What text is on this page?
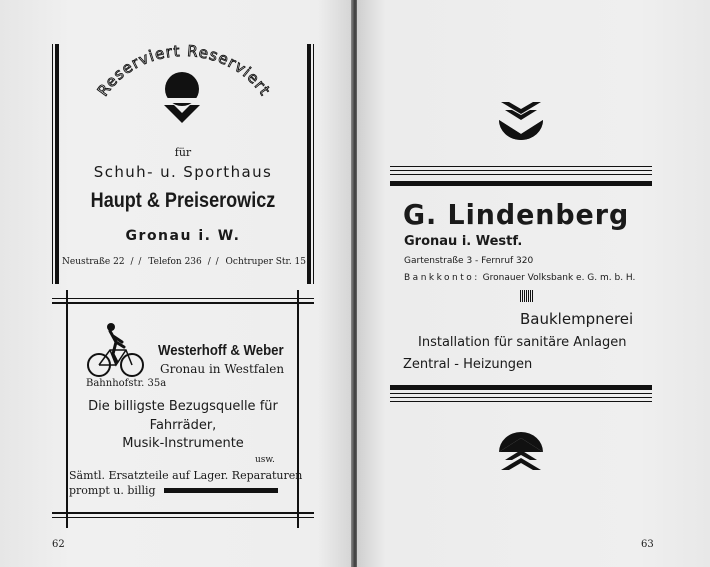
Reserviert Reserviert
für
Schuh- u. Sporthaus
Haupt & Preiserowicz
Gronau i. W.
Neustraße 22 / / Telefon 236 / / Ochtruper Str. 15
Westerhoff & Weber
Gronau in Westfalen
Bahnhofstr. 35a
Die billigste Bezugsquelle für
Fahrräder,
Musik-Instrumente
usw.
Sämtl. Ersatzteile auf Lager. Reparaturen
prompt u. billig
62
G. Lindenberg
Gronau i. Westf.
Gartenstraße 3 - Fernruf 320
Bankkonto: Gronauer Volksbank e. G. m. b. H.
Bauklempnerei
Installation für sanitäre Anlagen
Zentral - Heizungen
63
